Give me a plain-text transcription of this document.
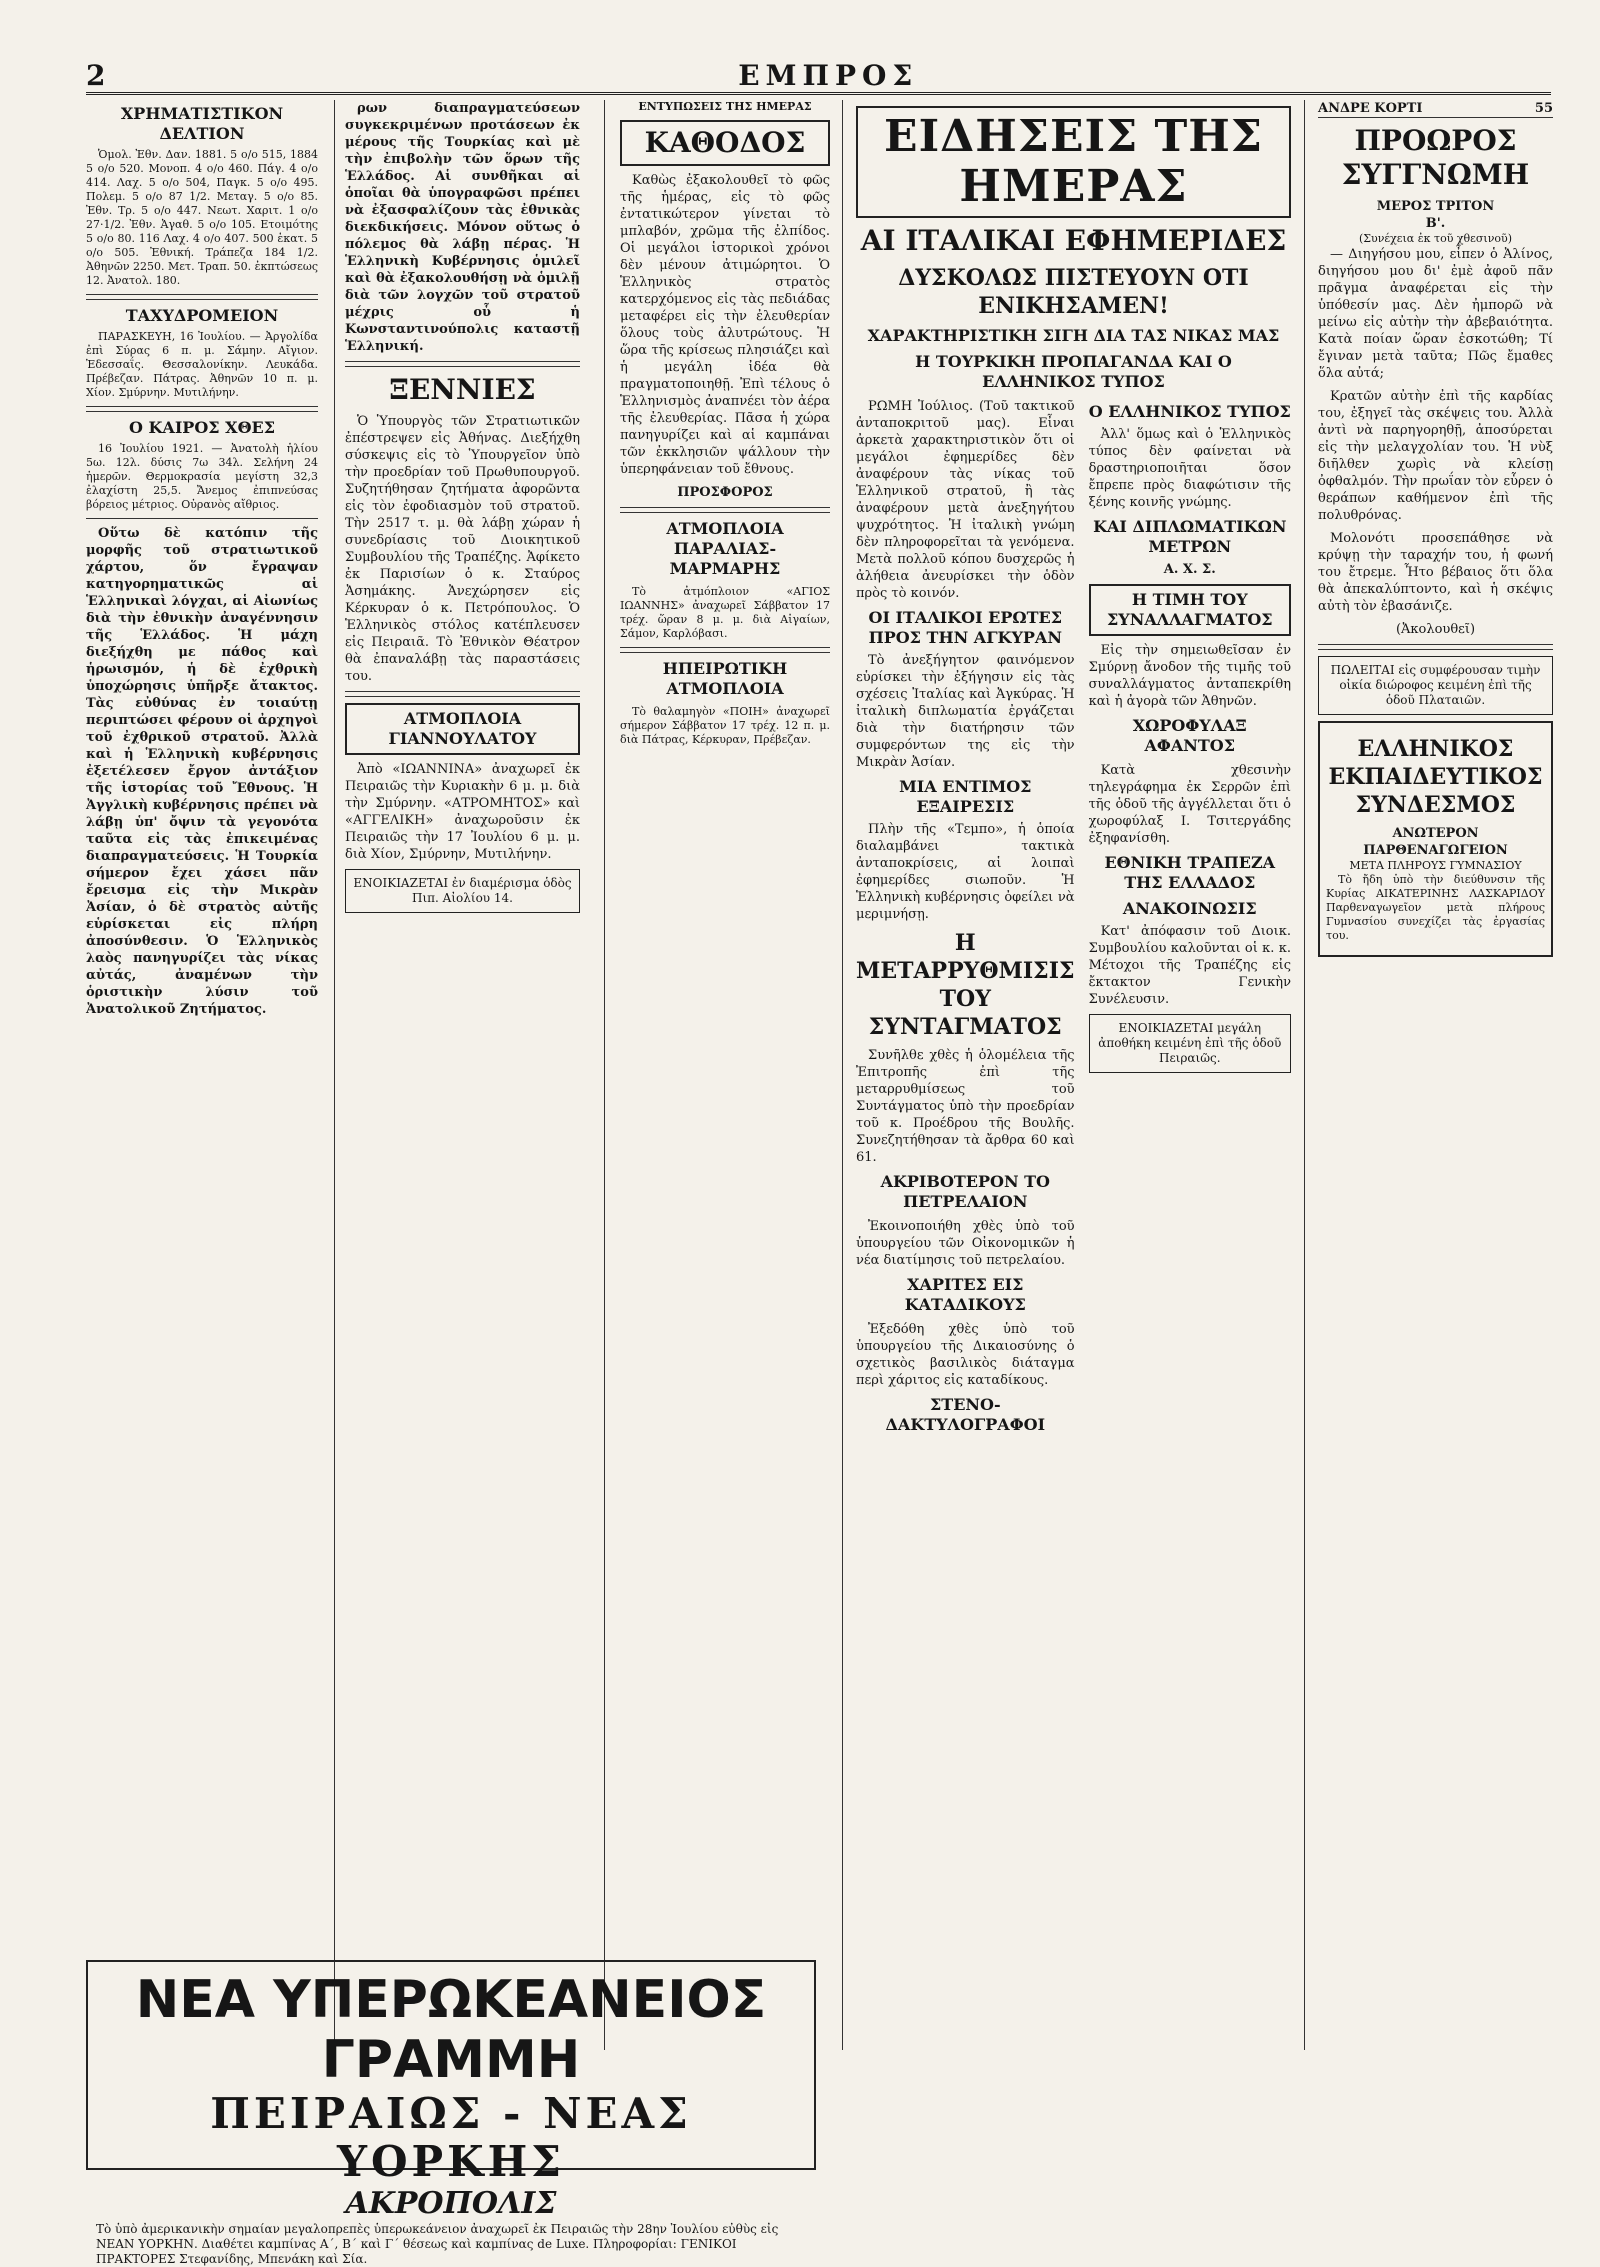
2	ΕΜΠΡΟΣ
ΧΡΗΜΑΤΙΣΤΙΚΟΝ ΔΕΛΤΙΟΝ
Ὁμολ. Ἐθν. Δαν. 1881. 5 ο/ο 515, 1884 5 ο/ο 520. Μονοπ. 4 ο/ο 460. Πάγ. 4 ο/ο 414. Λαχ. 5 ο/ο 504, Παγκ. 5 ο/ο 495. Πολεμ. 5 ο/ο 87 1/2. Μεταγ. 5 ο/ο 85. Ἐθν. Τρ. 5 ο/ο 447. Νεωτ. Χαριτ. 1 ο/ο 27·1/2. Ἐθν. Ἀγαθ. 5 ο/ο 105. Ετοιμότης 5 ο/ο 80. 116 Λαχ. 4 ο/ο 407. 500 ἑκατ. 5 ο/ο 505. Ἐθνική. Τράπεζα 184 1/2. Ἀθηνῶν 2250. Μετ. Τραπ. 50. ἐκπτώσεως 12. Ἀνατολ. 180.
ΤΑΧΥΔΡΟΜΕΙΟΝ
ΠΑΡΑΣΚΕΥΗ, 16 Ἰουλίου. — Ἀργολίδα ἐπὶ Σύρας 6 π. μ. Σάμην. Αἴγιον. Ἐδεσσαΐς. Θεσσαλονίκην. Λευκάδα. Πρέβεζαν. Πάτρας. Ἀθηνῶν 10 π. μ. Χίον. Σμύρνην. Μυτιλήνην.
Ο ΚΑΙΡΟΣ ΧΘΕΣ
16 Ἰουλίου 1921. — Ἀνατολὴ ἡλίου 5ω. 12λ. δύσις 7ω 34λ. Σελήνη 24 ἡμερῶν. Θερμοκρασία μεγίστη 32,3 ἐλαχίστη 25,5. Ἄνεμος ἐπιπνεύσας βόρειος μέτριος. Οὐρανὸς αἴθριος.
Οὕτω δὲ κατόπιν τῆς μορφῆς τοῦ στρατιωτικοῦ χάρτου, ὅν ἔγραψαν κατηγορηματικῶς αἱ Ἑλληνικαὶ λόγχαι, αἱ Αἰωνίως διὰ τὴν ἐθνικὴν ἀναγέννησιν τῆς Ἑλλάδος. Ἡ μάχη διεξήχθη με πάθος καὶ ἡρωισμόν, ἡ δὲ ἐχθρικὴ ὑποχώρησις ὑπῆρξε ἄτακτος. Τὰς εὐθύνας ἐν τοιαύτῃ περιπτώσει φέρουν οἱ ἀρχηγοὶ τοῦ ἐχθρικοῦ στρατοῦ. Ἀλλὰ καὶ ἡ Ἑλληνικὴ κυβέρνησις ἐξετέλεσεν ἔργον ἀντάξιον τῆς ἱστορίας τοῦ Ἔθνους. Ἡ Ἀγγλικὴ κυβέρνησις πρέπει νὰ λάβῃ ὑπ' ὄψιν τὰ γεγονότα ταῦτα εἰς τὰς ἐπικειμένας διαπραγματεύσεις. Ἡ Τουρκία σήμερον ἔχει χάσει πᾶν ἔρεισμα εἰς τὴν Μικρὰν Ἀσίαν, ὁ δὲ στρατὸς αὐτῆς εὑρίσκεται εἰς πλήρη ἀποσύνθεσιν. Ὁ Ἑλληνικὸς λαὸς πανηγυρίζει τὰς νίκας αὐτάς, ἀναμένων τὴν ὁριστικὴν λύσιν τοῦ Ἀνατολικοῦ Ζητήματος.
ρων διαπραγματεύσεων συγκεκριμένων προτάσεων ἐκ μέρους τῆς Τουρκίας καὶ μὲ τὴν ἐπιβολὴν τῶν ὅρων τῆς Ἑλλάδος. Αἱ συνθῆκαι αἱ ὁποῖαι θὰ ὑπογραφῶσι πρέπει νὰ ἐξασφαλίζουν τὰς ἐθνικὰς διεκδικήσεις. Μόνον οὕτως ὁ πόλεμος θὰ λάβῃ πέρας. Ἡ Ἑλληνικὴ Κυβέρνησις ὁμιλεῖ καὶ θὰ ἐξακολουθήσῃ νὰ ὁμιλῇ διὰ τῶν λογχῶν τοῦ στρατοῦ μέχρις οὗ ἡ Κωνσταντινούπολις καταστῇ Ἑλληνική.
ΞΕΝΝΙΕΣ
Ὁ Ὑπουργὸς τῶν Στρατιωτικῶν ἐπέστρεψεν εἰς Ἀθήνας. Διεξήχθη σύσκεψις εἰς τὸ Ὑπουργεῖον ὑπὸ τὴν προεδρίαν τοῦ Πρωθυπουργοῦ. Συζητήθησαν ζητήματα ἀφορῶντα εἰς τὸν ἐφοδιασμὸν τοῦ στρατοῦ. Τὴν 2517 τ. μ. θὰ λάβῃ χώραν ἡ συνεδρίασις τοῦ Διοικητικοῦ Συμβουλίου τῆς Τραπέζης. Ἀφίκετο ἐκ Παρισίων ὁ κ. Σταύρος Ἀσημάκης. Ἀνεχώρησεν εἰς Κέρκυραν ὁ κ. Πετρόπουλος. Ὁ Ἑλληνικὸς στόλος κατέπλευσεν εἰς Πειραιᾶ. Τὸ Ἐθνικὸν Θέατρον θὰ ἐπαναλάβῃ τὰς παραστάσεις του.
ΑΤΜΟΠΛΟΙΑ ΓΙΑΝΝΟΥΛΑΤΟΥ
Ἀπὸ «ΙΩΑΝΝΙΝΑ» ἀναχωρεῖ ἐκ Πειραιῶς τὴν Κυριακὴν 6 μ. μ. διὰ τὴν Σμύρνην. «ΑΤΡΟΜΗΤΟΣ» καὶ «ΑΓΓΕΛΙΚΗ» ἀναχωροῦσιν ἐκ Πειραιῶς τὴν 17 Ἰουλίου 6 μ. μ. διὰ Χίον, Σμύρνην, Μυτιλήνην.
ΕΝΟΙΚΙΑΖΕΤΑΙ ἐν διαμέρισμα ὁδὸς Πιπ. Αἰολίου 14.
ΕΝΤΥΠΩΣΕΙΣ ΤΗΣ ΗΜΕΡΑΣ
ΚΑΘΟΔΟΣ
Καθὼς ἐξακολουθεῖ τὸ φῶς τῆς ἡμέρας, εἰς τὸ φῶς ἐντατικώτερον γίνεται τὸ μπλαβόν, χρῶμα τῆς ἐλπίδος. Οἱ μεγάλοι ἱστορικοὶ χρόνοι δὲν μένουν ἀτιμώρητοι. Ὁ Ἑλληνικὸς στρατὸς κατερχόμενος εἰς τὰς πεδιάδας μεταφέρει εἰς τὴν ἐλευθερίαν ὅλους τοὺς ἀλυτρώτους. Ἡ ὥρα τῆς κρίσεως πλησιάζει καὶ ἡ μεγάλη ἰδέα θὰ πραγματοποιηθῇ. Ἐπὶ τέλους ὁ Ἑλληνισμὸς ἀναπνέει τὸν ἀέρα τῆς ἐλευθερίας. Πᾶσα ἡ χώρα πανηγυρίζει καὶ αἱ καμπάναι τῶν ἐκκλησιῶν ψάλλουν τὴν ὑπερηφάνειαν τοῦ ἔθνους.
ΠΡΟΣΦΟΡΟΣ
ΑΤΜΟΠΛΟΙΑ ΠΑΡΑΛΙΑΣ-ΜΑΡΜΑΡΗΣ
Τὸ ἀτμόπλοιον «ΑΓΙΟΣ ΙΩΑΝΝΗΣ» ἀναχωρεῖ Σάββατον 17 τρέχ. ὥραν 8 μ. μ. διὰ Αἰγαίων, Σάμον, Καρλόβασι.
ΗΠΕΙΡΩΤΙΚΗ ΑΤΜΟΠΛΟΙΑ
Τὸ θαλαμηγὸν «ΠΟΙΗ» ἀναχωρεῖ σήμερον Σάββατον 17 τρέχ. 12 π. μ. διὰ Πάτρας, Κέρκυραν, Πρέβεζαν.
ΕΙΔΗΣΕΙΣ ΤΗΣ ΗΜΕΡΑΣ
ΑΙ ΙΤΑΛΙΚΑΙ ΕΦΗΜΕΡΙΔΕΣ
ΔΥΣΚΟΛΩΣ ΠΙΣΤΕΥΟΥΝ ΟΤΙ ΕΝΙΚΗΣΑΜΕΝ!
ΧΑΡΑΚΤΗΡΙΣΤΙΚΗ ΣΙΓΗ ΔΙΑ ΤΑΣ ΝΙΚΑΣ ΜΑΣ
Η ΤΟΥΡΚΙΚΗ ΠΡΟΠΑΓΑΝΔΑ ΚΑΙ Ο ΕΛΛΗΝΙΚΟΣ ΤΥΠΟΣ
ΡΩΜΗ Ἰούλιος. (Τοῦ τακτικοῦ ἀνταποκριτοῦ μας). Εἶναι ἀρκετὰ χαρακτηριστικὸν ὅτι οἱ μεγάλοι ἐφημερίδες δὲν ἀναφέρουν τὰς νίκας τοῦ Ἑλληνικοῦ στρατοῦ, ἢ τὰς ἀναφέρουν μετὰ ἀνεξηγήτου ψυχρότητος. Ἡ ἰταλικὴ γνώμη δὲν πληροφορεῖται τὰ γενόμενα. Μετὰ πολλοῦ κόπου δυσχερῶς ἡ ἀλήθεια ἀνευρίσκει τὴν ὁδὸν πρὸς τὸ κοινόν.
ΟΙ ΙΤΑΛΙΚΟΙ ΕΡΩΤΕΣ ΠΡΟΣ ΤΗΝ ΑΓΚΥΡΑΝ
Τὸ ἀνεξήγητον φαινόμενον εὑρίσκει τὴν ἐξήγησιν εἰς τὰς σχέσεις Ἰταλίας καὶ Ἀγκύρας. Ἡ ἰταλικὴ διπλωματία ἐργάζεται διὰ τὴν διατήρησιν τῶν συμφερόντων της εἰς τὴν Μικρὰν Ἀσίαν.
ΜΙΑ ΕΝΤΙΜΟΣ ΕΞΑΙΡΕΣΙΣ
Πλὴν τῆς «Τεμπο», ἡ ὁποία διαλαμβάνει τακτικὰ ἀνταποκρίσεις, αἱ λοιπαὶ ἐφημερίδες σιωποῦν. Ἡ Ἑλληνικὴ κυβέρνησις ὀφείλει νὰ μεριμνήσῃ.
Η ΜΕΤΑΡΡΥΘΜΙΣΙΣ ΤΟΥ ΣΥΝΤΑΓΜΑΤΟΣ
Συνῆλθε χθὲς ἡ ὁλομέλεια τῆς Ἐπιτροπῆς ἐπὶ τῆς μεταρρυθμίσεως τοῦ Συντάγματος ὑπὸ τὴν προεδρίαν τοῦ κ. Προέδρου τῆς Βουλῆς. Συνεζητήθησαν τὰ ἄρθρα 60 καὶ 61.
ΑΚΡΙΒΟΤΕΡΟΝ ΤΟ ΠΕΤΡΕΛΑΙΟΝ
Ἐκοινοποιήθη χθὲς ὑπὸ τοῦ ὑπουργείου τῶν Οἰκονομικῶν ἡ νέα διατίμησις τοῦ πετρελαίου.
ΧΑΡΙΤΕΣ ΕΙΣ ΚΑΤΑΔΙΚΟΥΣ
Ἐξεδόθη χθὲς ὑπὸ τοῦ ὑπουργείου τῆς Δικαιοσύνης ὁ σχετικὸς βασιλικὸς διάταγμα περὶ χάριτος εἰς καταδίκους.
ΣΤΕΝΟ-ΔΑΚΤΥΛΟΓΡΑΦΟΙ
Ο ΕΛΛΗΝΙΚΟΣ ΤΥΠΟΣ
Ἀλλ' ὅμως καὶ ὁ Ἑλληνικὸς τύπος δὲν φαίνεται νὰ δραστηριοποιῆται ὅσον ἔπρεπε πρὸς διαφώτισιν τῆς ξένης κοινῆς γνώμης.
ΚΑΙ ΔΙΠΛΩΜΑΤΙΚΩΝ ΜΕΤΡΩΝ
Α. Χ. Σ.
Η ΤΙΜΗ ΤΟΥ ΣΥΝΑΛΛΑΓΜΑΤΟΣ
Εἰς τὴν σημειωθεῖσαν ἐν Σμύρνῃ ἄνοδον τῆς τιμῆς τοῦ συναλλάγματος ἀνταπεκρίθη καὶ ἡ ἀγορὰ τῶν Ἀθηνῶν.
ΧΩΡΟΦΥΛΑΞ ΑΦΑΝΤΟΣ
Κατὰ χθεσινὴν τηλεγράφημα ἐκ Σερρῶν ἐπὶ τῆς ὁδοῦ τῆς ἀγγέλλεται ὅτι ὁ χωροφύλαξ Ι. Τσιτεργάδης ἐξηφανίσθη.
ΕΘΝΙΚΗ ΤΡΑΠΕΖΑ ΤΗΣ ΕΛΛΑΔΟΣ
ΑΝΑΚΟΙΝΩΣΙΣ
Κατ' ἀπόφασιν τοῦ Διοικ. Συμβουλίου καλοῦνται οἱ κ. κ. Μέτοχοι τῆς Τραπέζης εἰς ἔκτακτον Γενικὴν Συνέλευσιν.
ΕΝΟΙΚΙΑΖΕΤΑΙ μεγάλη ἀποθήκη κειμένη ἐπὶ τῆς ὁδοῦ Πειραιῶς.
ΑΝΔΡΕ ΚΟΡΤΙ	55
ΠΡΟΩΡΟΣ ΣΥΓΓΝΩΜΗ
ΜΕΡΟΣ ΤΡΙΤΟΝ
Β'.
(Συνέχεια ἐκ τοῦ χθεσινοῦ)
— Διηγήσου μου, εἶπεν ὁ Ἀλίνος, διηγήσου μου δι' ἐμὲ ἀφοῦ πᾶν πρᾶγμα ἀναφέρεται εἰς τὴν ὑπόθεσίν μας. Δὲν ἠμπορῶ νὰ μείνω εἰς αὐτὴν τὴν ἀβεβαιότητα. Κατὰ ποίαν ὥραν ἐσκοτώθη; Τί ἔγιναν μετὰ ταῦτα; Πῶς ἔμαθες ὅλα αὐτά;
Κρατῶν αὐτὴν ἐπὶ τῆς καρδίας του, ἐξηγεῖ τὰς σκέψεις του. Ἀλλὰ ἀντὶ νὰ παρηγορηθῇ, ἀποσύρεται εἰς τὴν μελαγχολίαν του. Ἡ νὺξ διῆλθεν χωρὶς νὰ κλείσῃ ὀφθαλμόν. Τὴν πρωΐαν τὸν εὗρεν ὁ θεράπων καθήμενον ἐπὶ τῆς πολυθρόνας.
Μολονότι προσεπάθησε νὰ κρύψῃ τὴν ταραχήν του, ἡ φωνή του ἔτρεμε. Ἦτο βέβαιος ὅτι ὅλα θὰ ἀπεκαλύπτοντο, καὶ ἡ σκέψις αὐτὴ τὸν ἐβασάνιζε.
(Ἀκολουθεῖ)
ΠΩΛΕΙΤΑΙ εἰς συμφέρουσαν τιμὴν οἰκία διώροφος κειμένη ἐπὶ τῆς ὁδοῦ Πλαταιῶν.
ΕΛΛΗΝΙΚΟΣ ΕΚΠΑΙΔΕΥΤΙΚΟΣ ΣΥΝΔΕΣΜΟΣ
ΑΝΩΤΕΡΟΝ ΠΑΡΘΕΝΑΓΩΓΕΙΟΝ
ΜΕΤΑ ΠΛΗΡΟΥΣ ΓΥΜΝΑΣΙΟΥ
Τὸ ἤδη ὑπὸ τὴν διεύθυνσιν τῆς Κυρίας ΑΙΚΑΤΕΡΙΝΗΣ ΛΑΣΚΑΡΙΔΟΥ Παρθεναγωγεῖον μετὰ πλήρους Γυμνασίου συνεχίζει τὰς ἐργασίας του.
ΝΕΑ ΥΠΕΡΩΚΕΑΝΕΙΟΣ ΓΡΑΜΜΗ
ΠΕΙΡΑΙΩΣ - ΝΕΑΣ ΥΟΡΚΗΣ
ΑΚΡΟΠΟΛΙΣ
Τὸ ὑπὸ ἀμερικανικὴν σημαίαν μεγαλοπρεπὲς ὑπερωκεάνειον ἀναχωρεῖ ἐκ Πειραιῶς τὴν 28ην Ἰουλίου εὐθὺς εἰς ΝΕΑΝ ΥΟΡΚΗΝ. Διαθέτει καμπίνας Α΄, Β΄ καὶ Γ΄ θέσεως καὶ καμπίνας de Luxe. Πληροφορίαι: ΓΕΝΙΚΟΙ ΠΡΑΚΤΟΡΕΣ Στεφανίδης, Μπενάκη καὶ Σία.
